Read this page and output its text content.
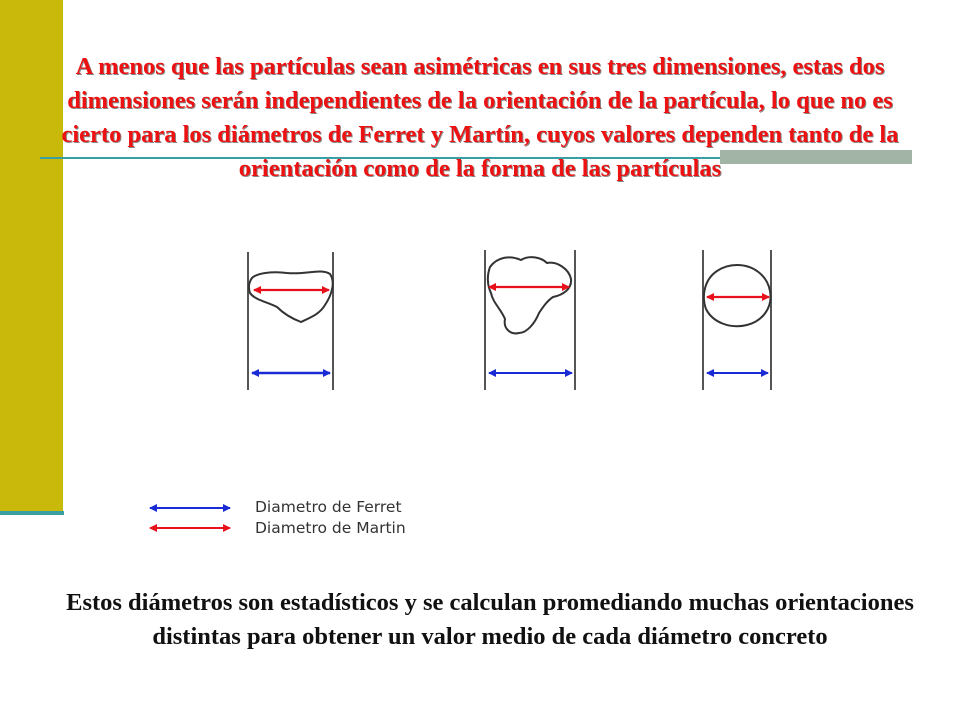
A menos que las partículas sean asimétricas en sus tres dimensiones, estas dos dimensiones serán independientes de la orientación de la partícula, lo que no es cierto para los diámetros de Ferret y Martín, cuyos valores dependen tanto de la orientación como de la forma de las partículas

Diametro de Ferret
Diametro de Martin

Estos diámetros son estadísticos y se calculan promediando muchas orientaciones distintas para obtener un valor medio de cada diámetro concreto
